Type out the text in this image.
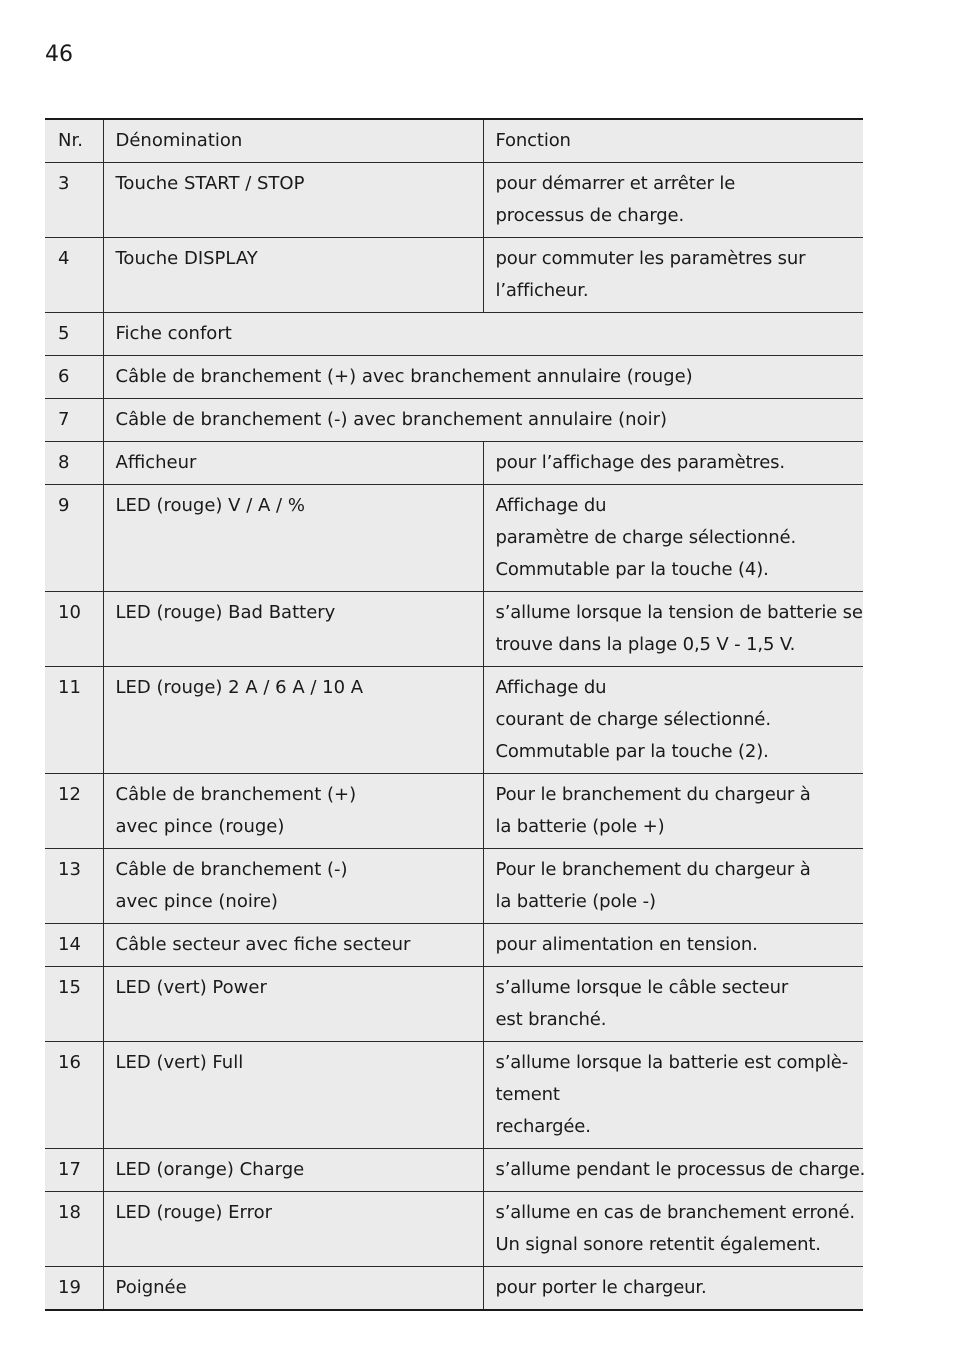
46
Nr.	Dénomination	Fonction
3	Touche START / STOP	pour démarrer et arrêter le
processus de charge.

4	Touche DISPLAY	pour commuter les paramètres sur
l’afficheur.

5	Fiche confort	

6	Câble de branchement (+) avec branchement annulaire (rouge)	

7	Câble de branchement (-) avec branchement annulaire (noir)	

8	Afficheur	pour l’affichage des paramètres.

9	LED (rouge) V / A / %	Affichage du
paramètre de charge sélectionné.
Commutable par la touche (4).

10	LED (rouge) Bad Battery	s’allume lorsque la tension de batterie se
trouve dans la plage 0,5 V - 1,5 V.

11	LED (rouge) 2 A / 6 A / 10 A	Affichage du
courant de charge sélectionné.
Commutable par la touche (2).

12	Câble de branchement (+)
avec pince (rouge)	Pour le branchement du chargeur à
la batterie (pole +)

13	Câble de branchement (-)
avec pince (noire)	Pour le branchement du chargeur à
la batterie (pole -)

14	Câble secteur avec fiche secteur	pour alimentation en tension.

15	LED (vert) Power	s’allume lorsque le câble secteur
est branché.

16	LED (vert) Full	s’allume lorsque la batterie est complè-
tement
rechargée.

17	LED (orange) Charge	s’allume pendant le processus de charge.

18	LED (rouge) Error	s’allume en cas de branchement erroné.
Un signal sonore retentit également.

19	Poignée	pour porter le chargeur.
